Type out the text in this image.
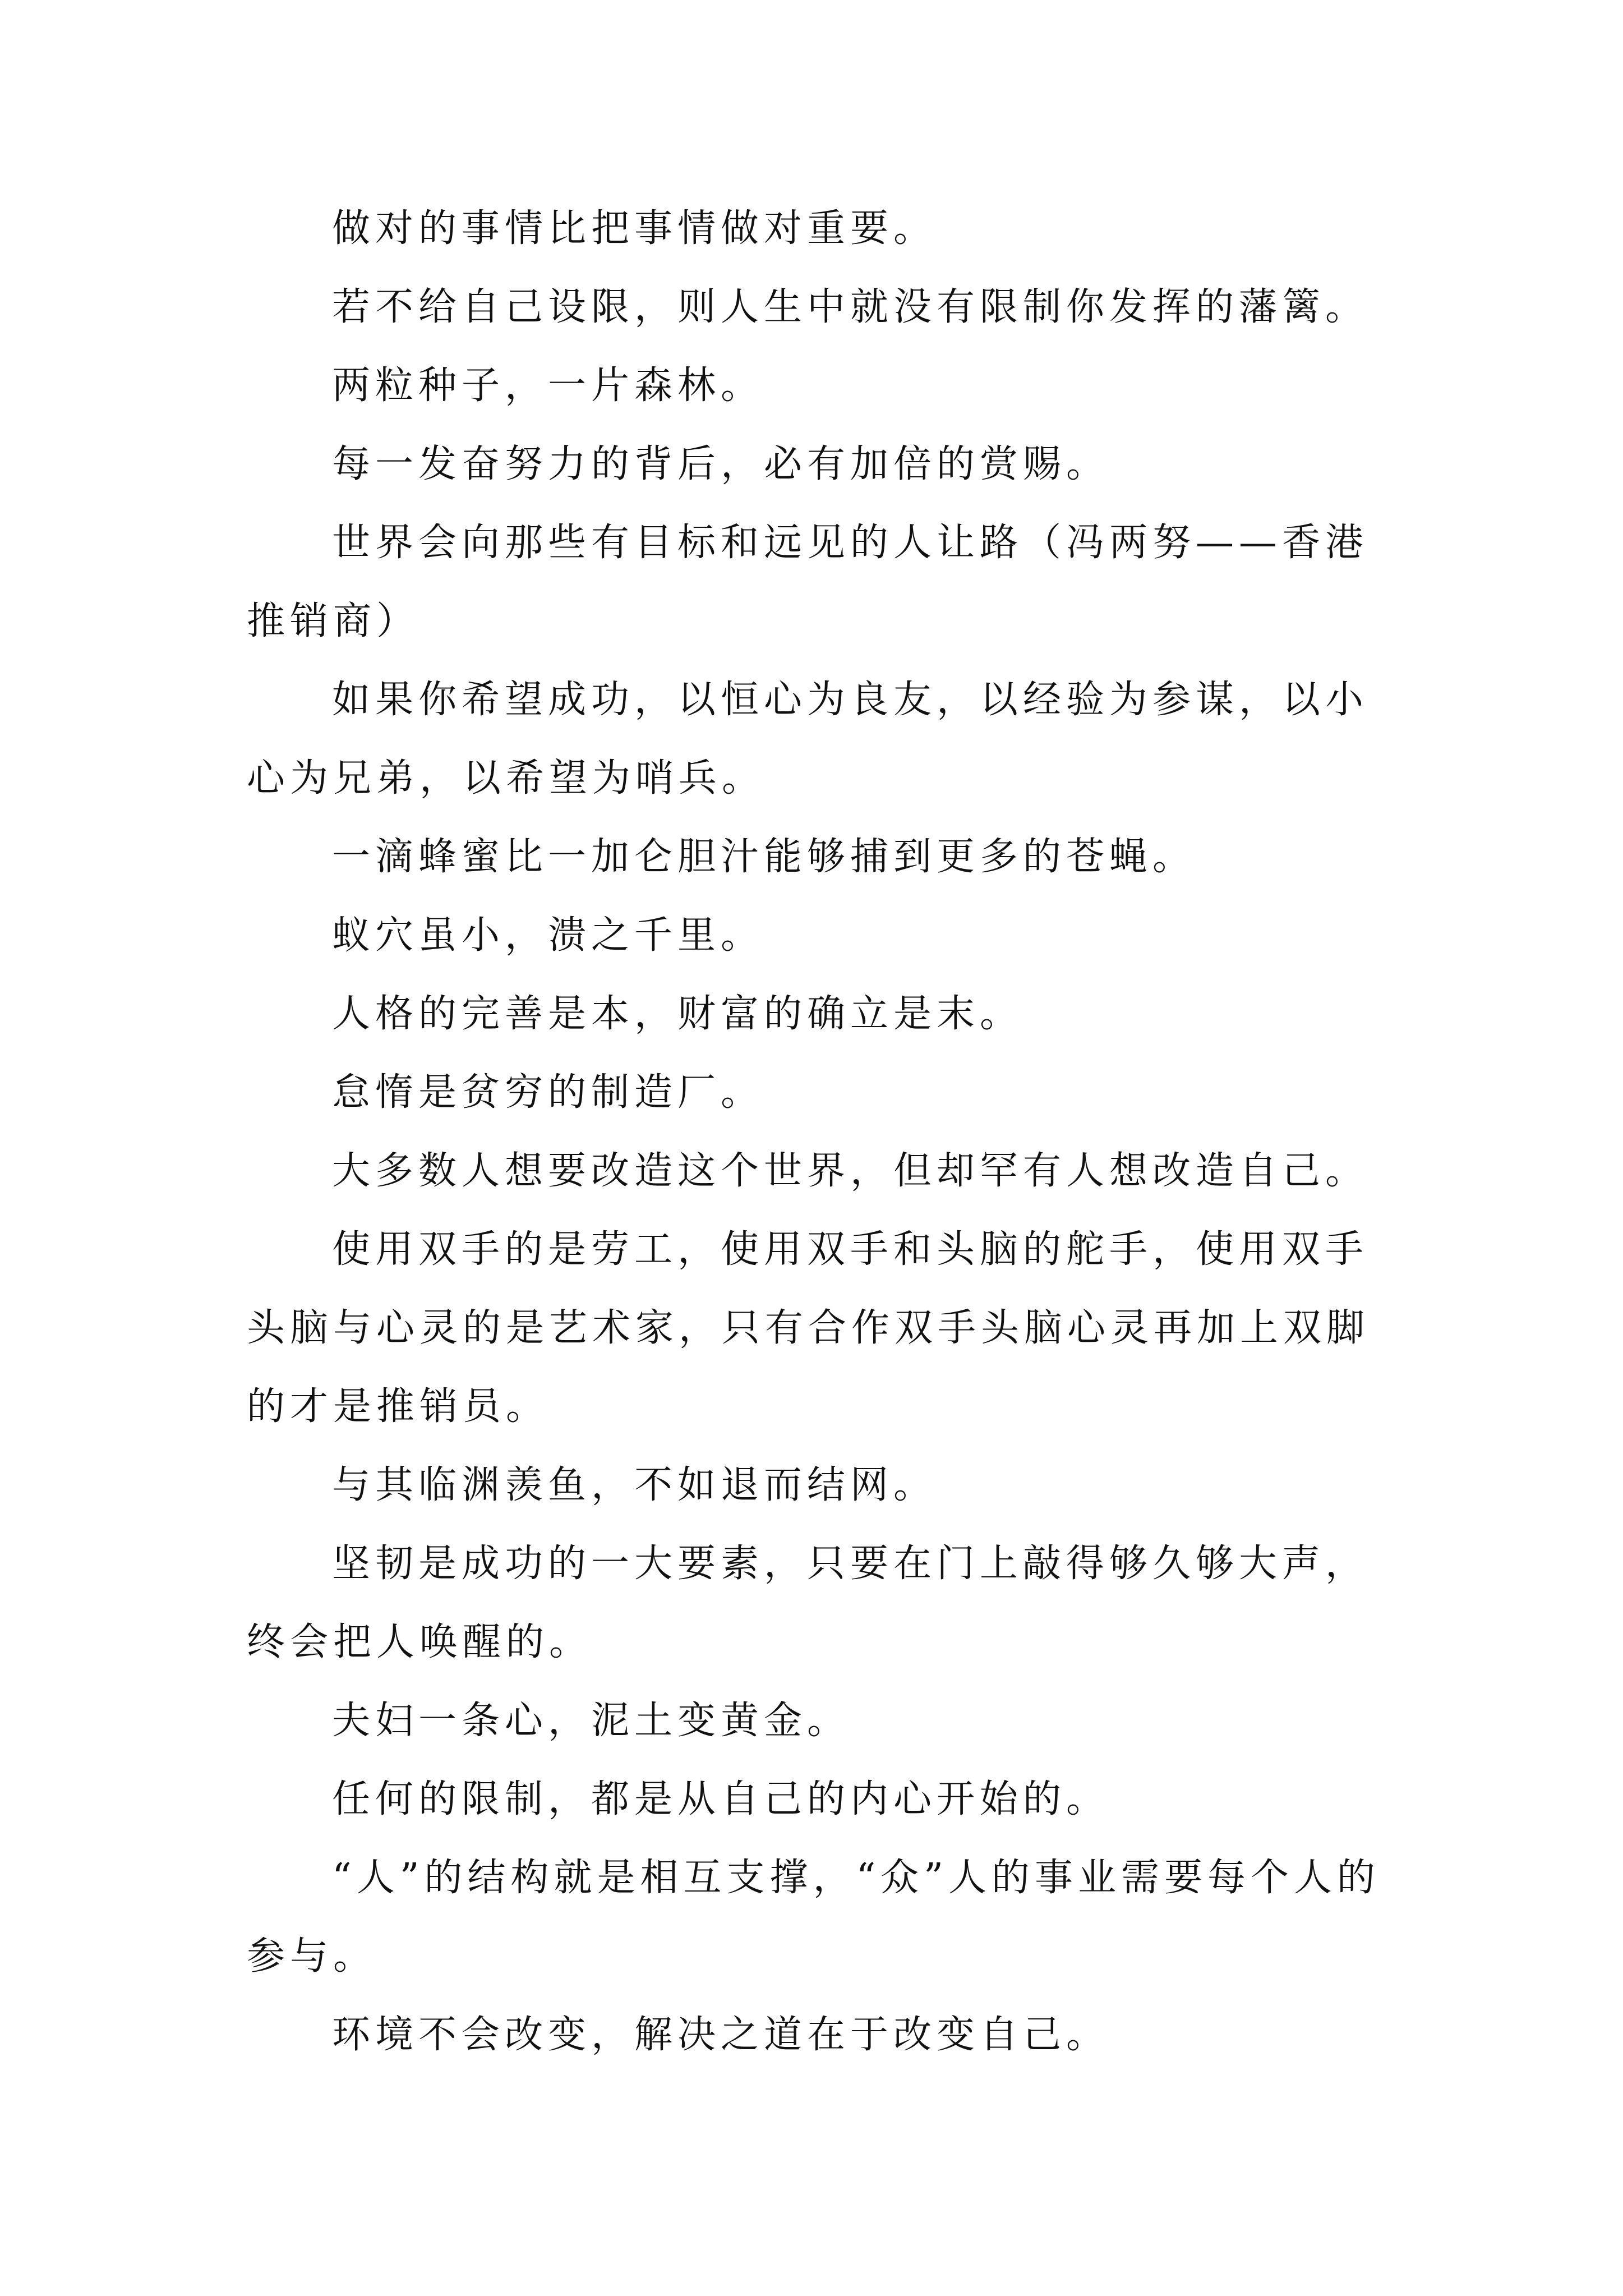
做对的事情比把事情做对重要。

若不给自己设限，则人生中就没有限制你发挥的藩篱。

两粒种子，一片森林。

每一发奋努力的背后，必有加倍的赏赐。

世界会向那些有目标和远见的人让路（冯两努——香港推销商）

如果你希望成功，以恒心为良友，以经验为参谋，以小心为兄弟，以希望为哨兵。

一滴蜂蜜比一加仑胆汁能够捕到更多的苍蝇。

蚁穴虽小，溃之千里。

人格的完善是本，财富的确立是末。

怠惰是贫穷的制造厂。

大多数人想要改造这个世界，但却罕有人想改造自己。

使用双手的是劳工，使用双手和头脑的舵手，使用双手头脑与心灵的是艺术家，只有合作双手头脑心灵再加上双脚的才是推销员。

与其临渊羡鱼，不如退而结网。

坚韧是成功的一大要素，只要在门上敲得够久够大声，终会把人唤醒的。

夫妇一条心，泥土变黄金。

任何的限制，都是从自己的内心开始的。

“人”的结构就是相互支撑，“众”人的事业需要每个人的参与。

环境不会改变，解决之道在于改变自己。
